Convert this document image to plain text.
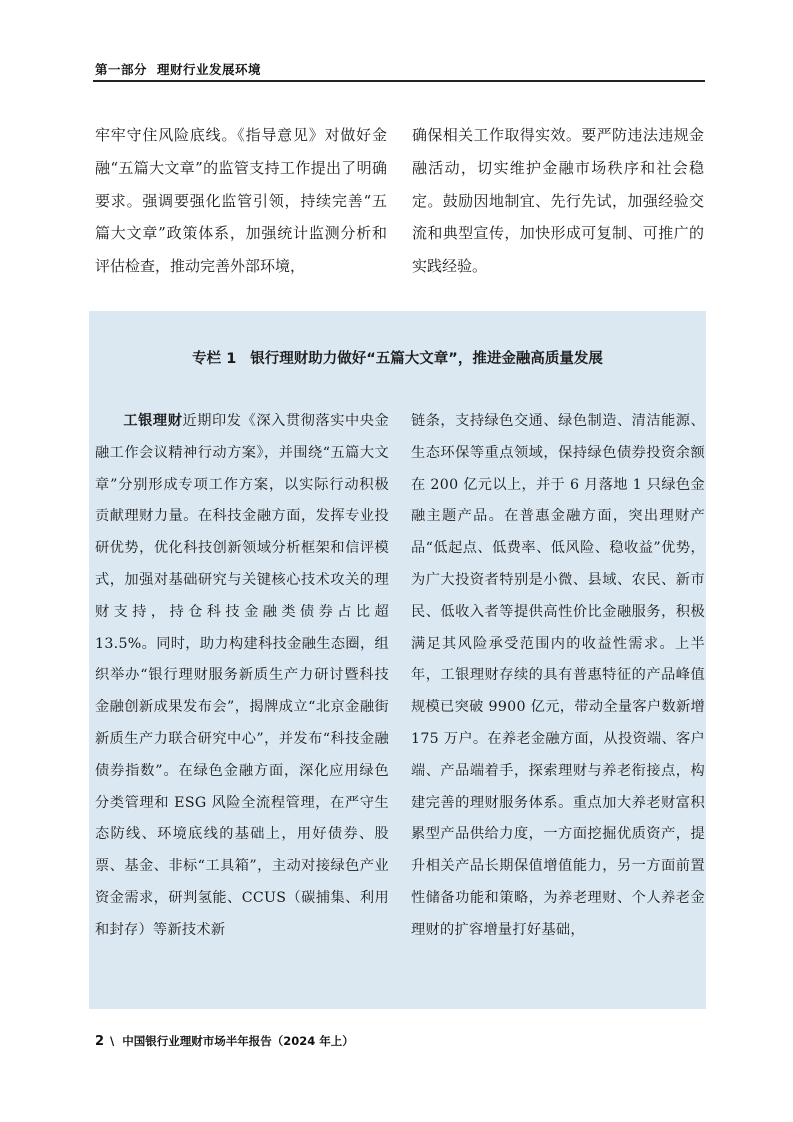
第一部分 理财行业发展环境

牢牢守住风险底线。《指导意见》对做好金融“五篇大文章”的监管支持工作提出了明确要求。强调要强化监管引领，持续完善“五篇大文章”政策体系，加强统计监测分析和评估检查，推动完善外部环境，

确保相关工作取得实效。要严防违法违规金融活动，切实维护金融市场秩序和社会稳定。鼓励因地制宜、先行先试，加强经验交流和典型宣传，加快形成可复制、可推广的实践经验。

专栏 1 银行理财助力做好“五篇大文章”，推进金融高质量发展

工银理财近期印发《深入贯彻落实中央金融工作会议精神行动方案》，并围绕“五篇大文章”分别形成专项工作方案，以实际行动积极贡献理财力量。在科技金融方面，发挥专业投研优势，优化科技创新领域分析框架和信评模式，加强对基础研究与关键核心技术攻关的理财支持，持仓科技金融类债券占比超 13.5%。同时，助力构建科技金融生态圈，组织举办“银行理财服务新质生产力研讨暨科技金融创新成果发布会”，揭牌成立“北京金融街新质生产力联合研究中心”，并发布“科技金融债券指数”。在绿色金融方面，深化应用绿色分类管理和 ESG 风险全流程管理，在严守生态防线、环境底线的基础上，用好债券、股票、基金、非标“工具箱”，主动对接绿色产业资金需求，研判氢能、CCUS（碳捕集、利用和封存）等新技术新

链条，支持绿色交通、绿色制造、清洁能源、生态环保等重点领域，保持绿色债券投资余额在 200 亿元以上，并于 6 月落地 1 只绿色金融主题产品。在普惠金融方面，突出理财产品“低起点、低费率、低风险、稳收益”优势，为广大投资者特别是小微、县域、农民、新市民、低收入者等提供高性价比金融服务，积极满足其风险承受范围内的收益性需求。上半年，工银理财存续的具有普惠特征的产品峰值规模已突破 9900 亿元，带动全量客户数新增 175 万户。在养老金融方面，从投资端、客户端、产品端着手，探索理财与养老衔接点，构建完善的理财服务体系。重点加大养老财富积累型产品供给力度，一方面挖掘优质资产，提升相关产品长期保值增值能力，另一方面前置性储备功能和策略，为养老理财、个人养老金理财的扩容增量打好基础，

2 \ 中国银行业理财市场半年报告（2024 年上）
